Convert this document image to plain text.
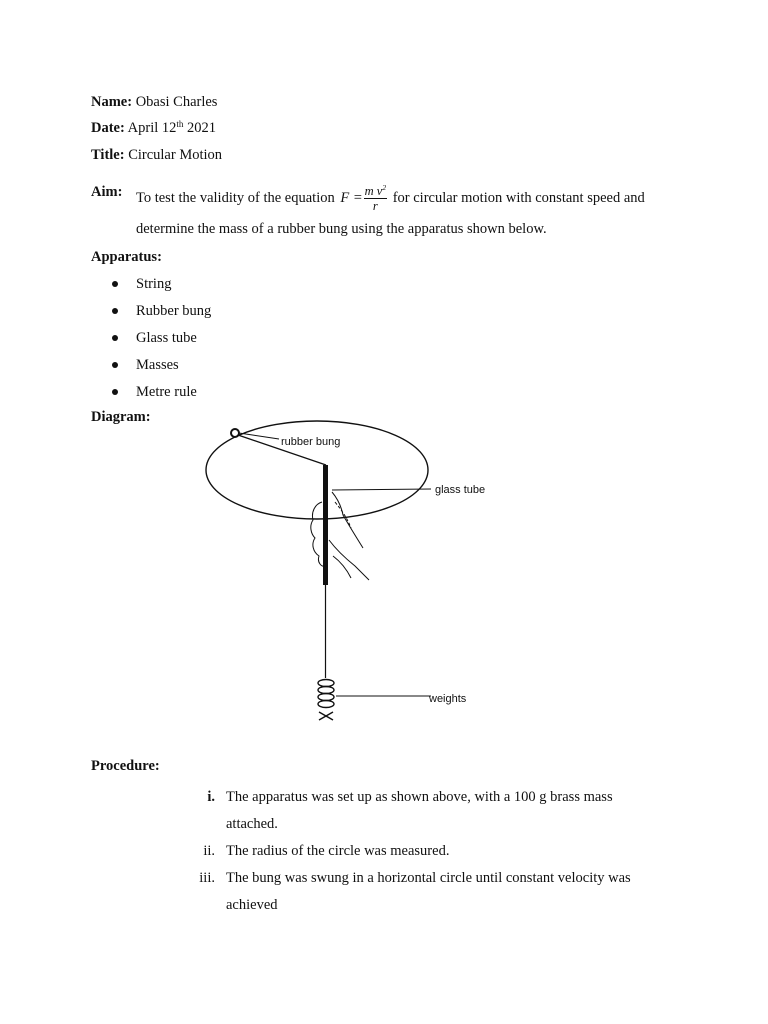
Name: Obasi Charles
Date: April 12th 2021
Title: Circular Motion
Aim: To test the validity of the equation $F = \frac{m v^2}{r}$ for circular motion with constant speed and
determine the mass of a rubber bung using the apparatus shown below.
Apparatus:
String
Rubber bung
Glass tube
Masses
Metre rule
Diagram:
rubber bung
glass tube
weights
Procedure:
i. The apparatus was set up as shown above, with a 100 g brass mass attached.
ii. The radius of the circle was measured.
iii. The bung was swung in a horizontal circle until constant velocity was achieved
